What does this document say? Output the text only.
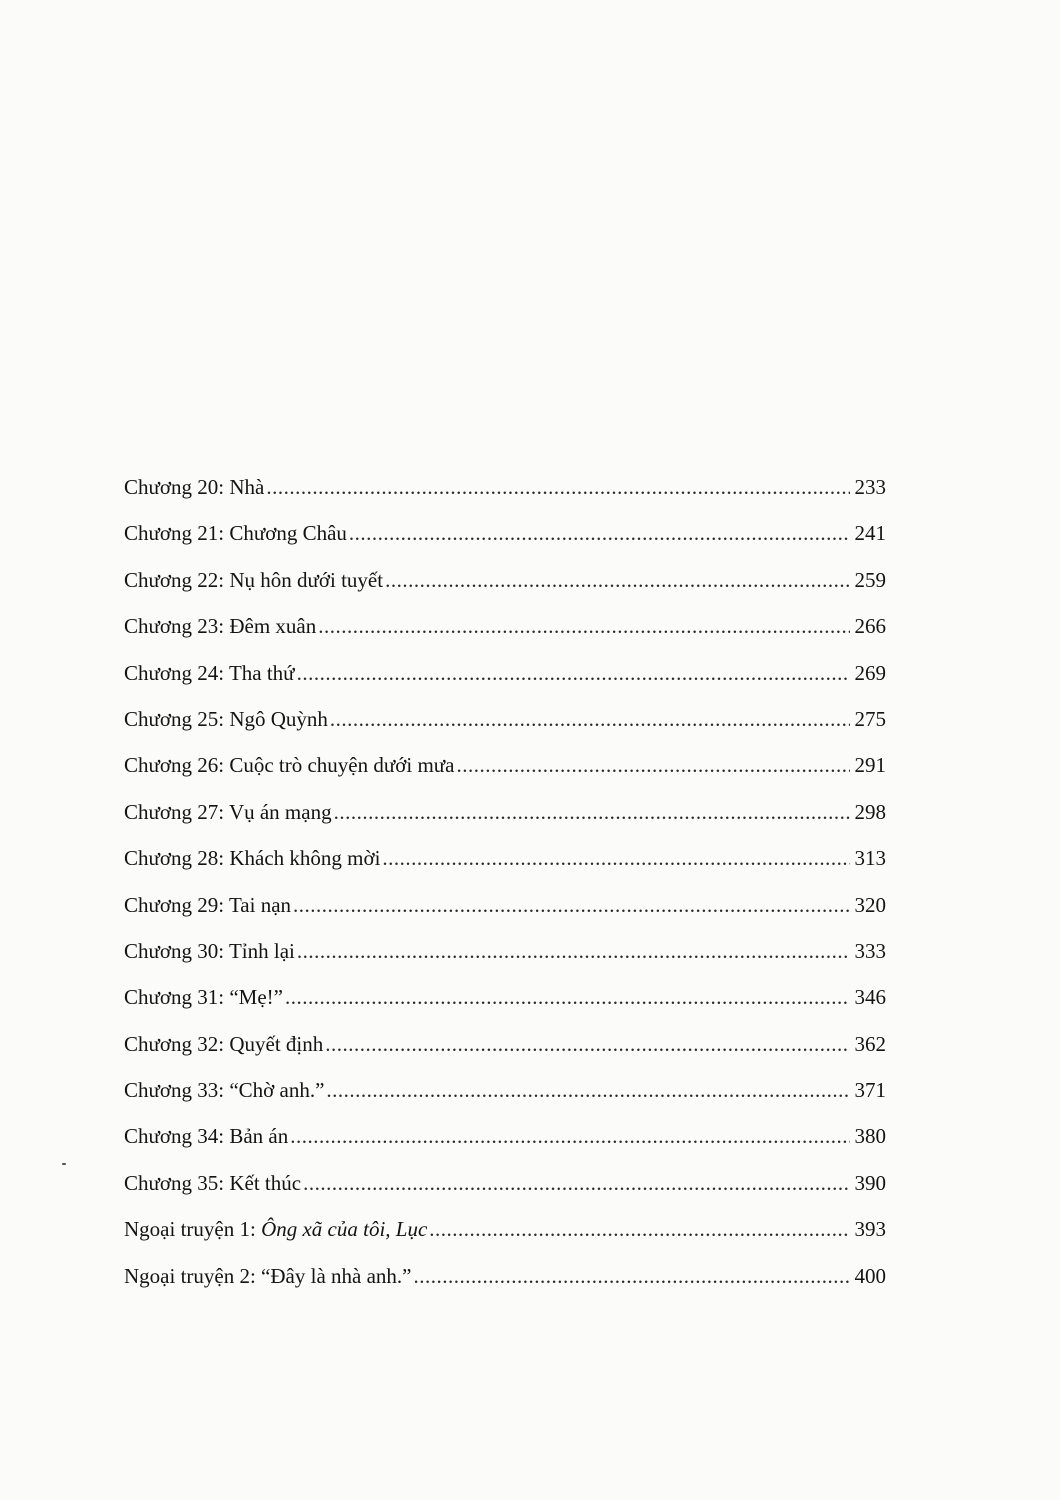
Chương 20: Nhà .....	233
Chương 21: Chương Châu .....	241
Chương 22: Nụ hôn dưới tuyết .....	259
Chương 23: Đêm xuân .....	266
Chương 24: Tha thứ .....	269
Chương 25: Ngô Quỳnh .....	275
Chương 26: Cuộc trò chuyện dưới mưa .....	291
Chương 27: Vụ án mạng .....	298
Chương 28: Khách không mời .....	313
Chương 29: Tai nạn .....	320
Chương 30: Tỉnh lại .....	333
Chương 31: “Mẹ!” .....	346
Chương 32: Quyết định .....	362
Chương 33: “Chờ anh.” .....	371
Chương 34: Bản án .....	380
Chương 35: Kết thúc .....	390
Ngoại truyện 1: Ông xã của tôi, Lục .....	393
Ngoại truyện 2: “Đây là nhà anh.” .....	400
